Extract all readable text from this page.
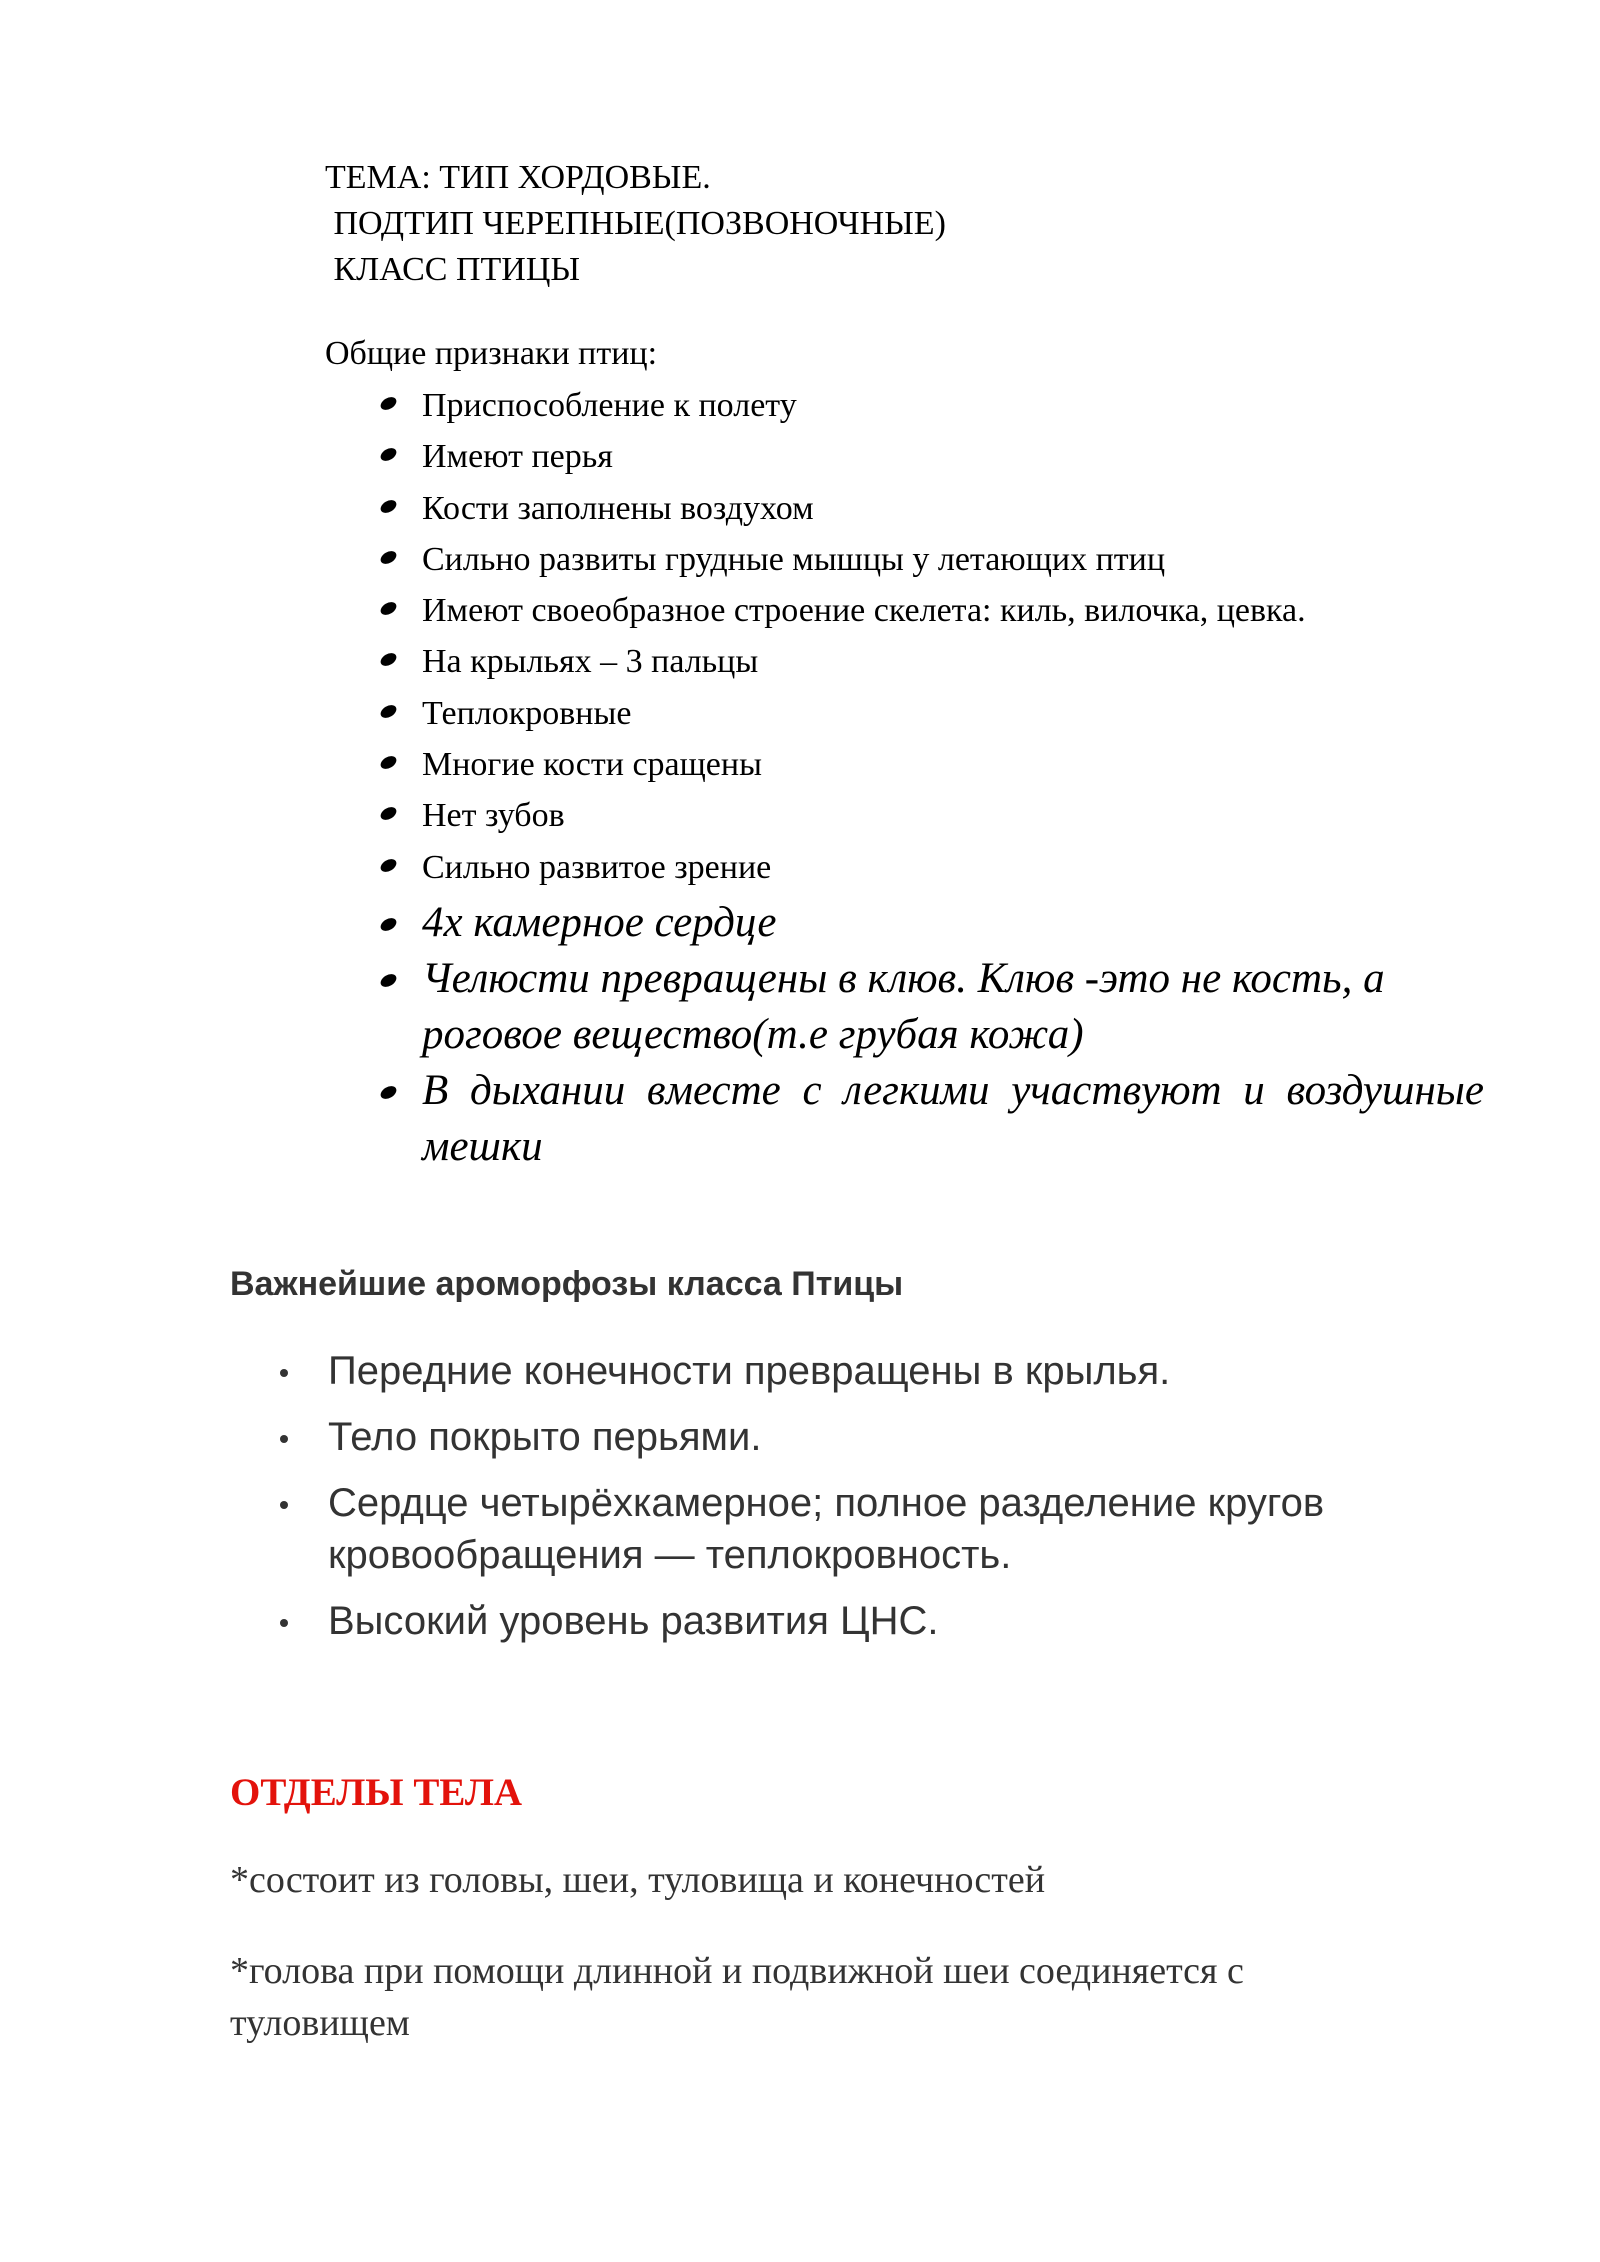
ТЕМА: ТИП ХОРДОВЫЕ.
ПОДТИП ЧЕРЕПНЫЕ(ПОЗВОНОЧНЫЕ)
КЛАСС ПТИЦЫ
Общие признаки птиц:
Приспособление к полету
Имеют перья
Кости заполнены воздухом
Сильно развиты грудные мышцы у летающих птиц
Имеют своеобразное строение скелета: киль, вилочка, цевка.
На крыльях – 3 пальцы
Теплокровные
Многие кости сращены
Нет зубов
Сильно развитое зрение
4х камерное сердце
Челюсти превращены в клюв. Клюв -это не кость, а роговое вещество(т.е грубая кожа)
В дыхании вместе с легкими участвуют и воздушные мешки
Важнейшие ароморфозы класса Птицы
Передние конечности превращены в крылья.
Тело покрыто перьями.
Сердце четырёхкамерное; полное разделение кругов кровообращения — теплокровность.
Высокий уровень развития ЦНС.
ОТДЕЛЫ ТЕЛА
*состоит из головы, шеи, туловища и конечностей
*голова при помощи длинной и подвижной шеи соединяется с туловищем
